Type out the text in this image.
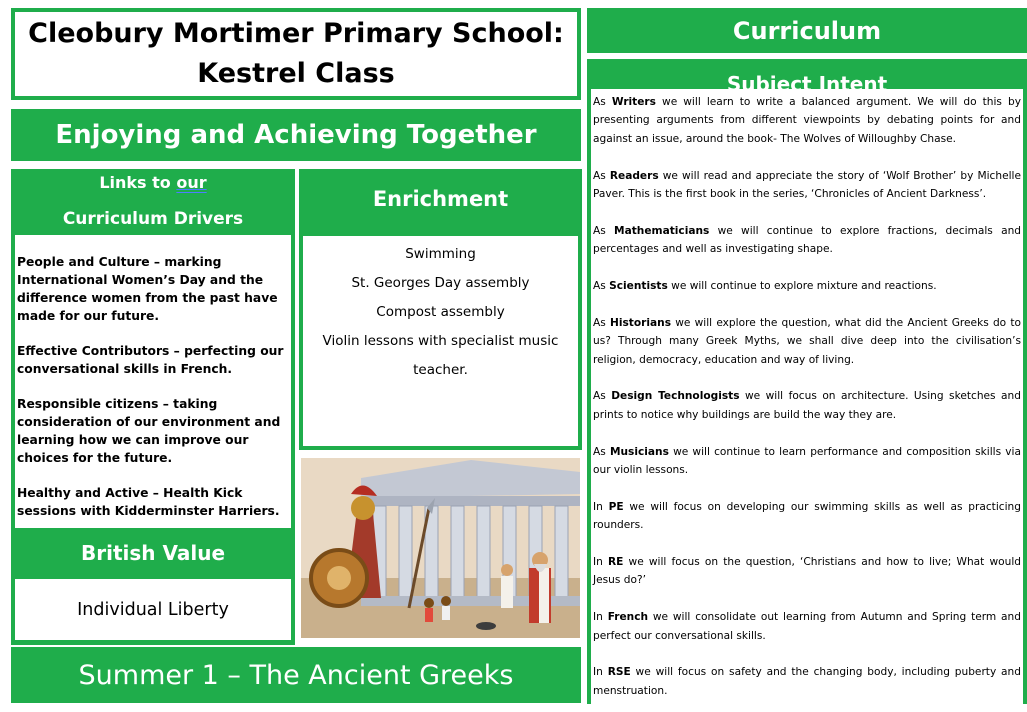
Cleobury Mortimer Primary School:
Kestrel Class
Enjoying and Achieving Together
Links to our
Curriculum Drivers

People and Culture – marking International Women’s Day and the difference women from the past have made for our future.

Effective Contributors – perfecting our conversational skills in French.

Responsible citizens – taking consideration of our environment and learning how we can improve our choices for the future.

Healthy and Active – Health Kick sessions with Kidderminster Harriers.

Enrichment
Swimming
St. Georges Day assembly
Compost assembly
Violin lessons with specialist music
teacher.
British Value
Individual Liberty
Summer 1 – The Ancient Greeks
Curriculum
Subject Intent

As Writers we will learn to write a balanced argument. We will do this by presenting arguments from different viewpoints by debating points for and against an issue, around the book- The Wolves of Willoughby Chase.

As Readers we will read and appreciate the story of ‘Wolf Brother’ by Michelle Paver. This is the first book in the series, ‘Chronicles of Ancient Darkness’.

As Mathematicians we will continue to explore fractions, decimals and percentages and well as investigating shape.

As Scientists we will continue to explore mixture and reactions.

As Historians we will explore the question, what did the Ancient Greeks do to us? Through many Greek Myths, we shall dive deep into the civilisation’s religion, democracy, education and way of living.

As Design Technologists we will focus on architecture. Using sketches and prints to notice why buildings are build the way they are.

As Musicians we will continue to learn performance and composition skills via our violin lessons.

In PE we will focus on developing our swimming skills as well as practicing rounders.

In RE we will focus on the question, ‘Christians and how to live; What would Jesus do?’

In French we will consolidate out learning from Autumn and Spring term and perfect our conversational skills.

In RSE we will focus on safety and the changing body, including puberty and menstruation.
